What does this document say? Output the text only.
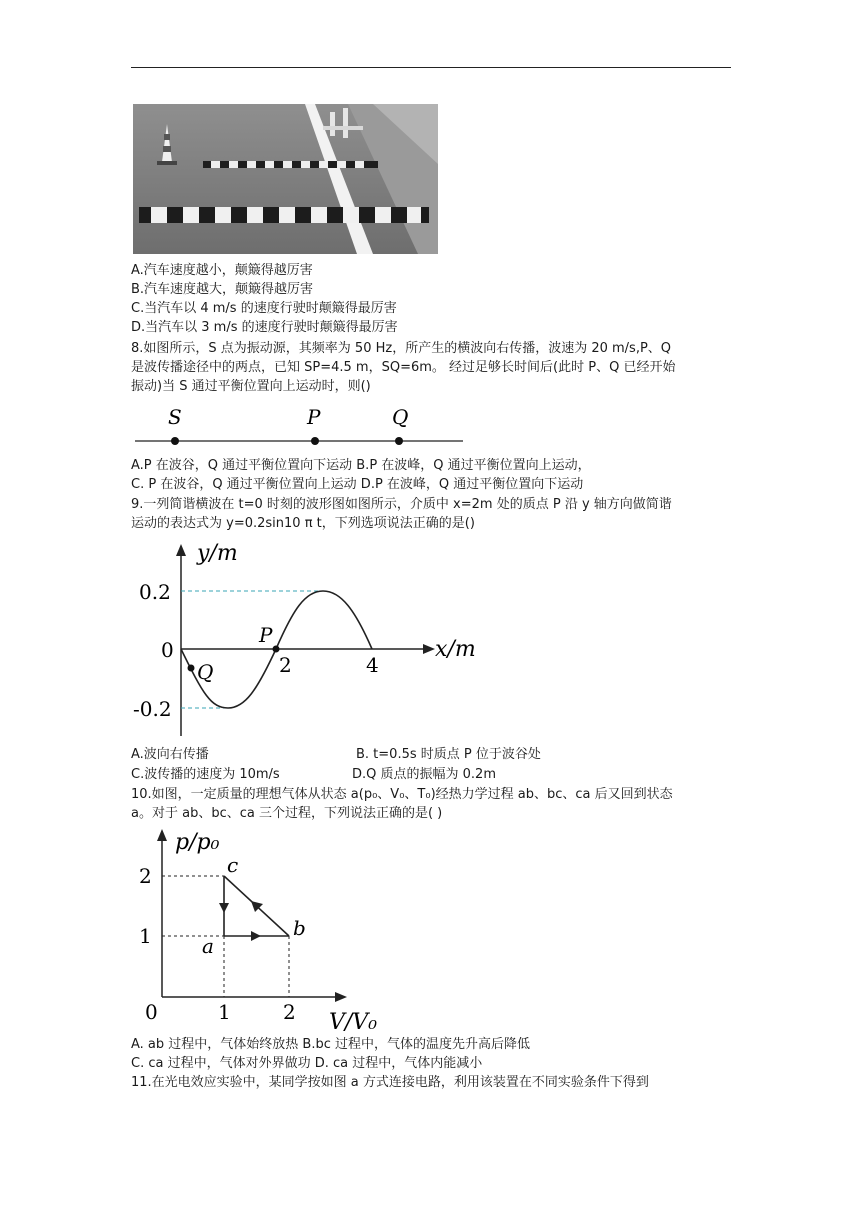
A.汽车速度越小，颠簸得越厉害
B.汽车速度越大，颠簸得越厉害
C.当汽车以 4 m/s 的速度行驶时颠簸得最厉害
D.当汽车以 3 m/s 的速度行驶时颠簸得最厉害
8.如图所示，S 点为振动源，其频率为 50 Hz，所产生的横波向右传播，波速为 20 m/s,P、Q
是波传播途径中的两点，已知 SP=4.5 m，SQ=6m。 经过足够长时间后(此时 P、Q 已经开始
振动)当 S 通过平衡位置向上运动时，则()
S	P	Q
A.P 在波谷，Q 通过平衡位置向下运动 B.P 在波峰，Q 通过平衡位置向上运动，
C. P 在波谷，Q 通过平衡位置向上运动 D.P 在波峰，Q 通过平衡位置向下运动
9.一列简谐横波在 t=0 时刻的波形图如图所示，介质中 x=2m 处的质点 P 沿 y 轴方向做简谐
运动的表达式为 y=0.2sin10 π t，下列选项说法正确的是()
y/m
x/m
0.2
0
-0.2
2	4
P
Q
A.波向右传播	B. t=0.5s 时质点 P 位于波谷处
C.波传播的速度为 10m/s	D.Q 质点的振幅为 0.2m
10.如图，一定质量的理想气体从状态 a(p₀、V₀、T₀)经热力学过程 ab、bc、ca 后又回到状态
a。对于 ab、bc、ca 三个过程，下列说法正确的是( )
p/p₀
V/V₀
2
1
0	1	2
a
b
c
A. ab 过程中，气体始终放热 B.bc 过程中，气体的温度先升高后降低
C. ca 过程中，气体对外界做功 D. ca 过程中，气体内能减小
11.在光电效应实验中，某同学按如图 a 方式连接电路，利用该装置在不同实验条件下得到
